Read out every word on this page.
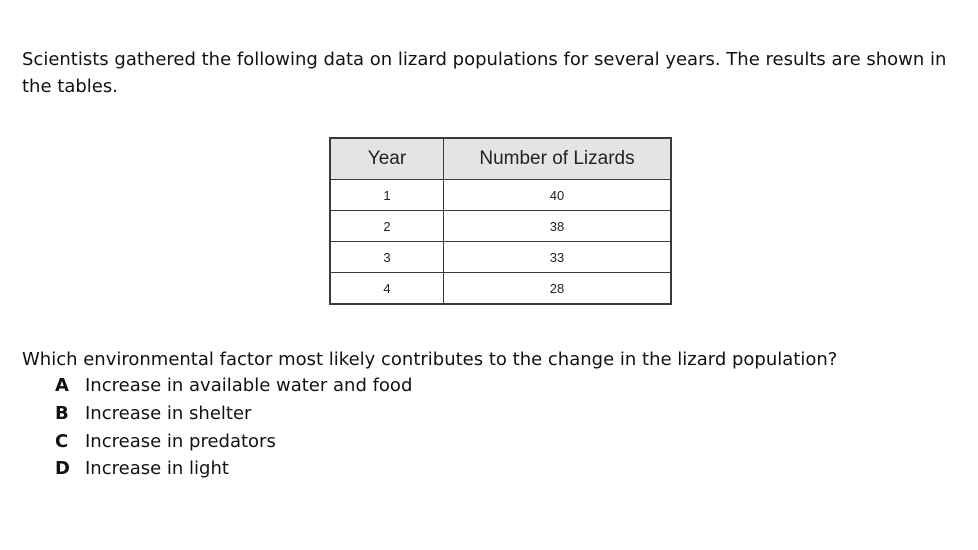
Scientists gathered the following data on lizard populations for several years. The results are shown in the tables.

Year	Number of Lizards
1	40
2	38
3	33
4	28

Which environmental factor most likely contributes to the change in the lizard population?

A Increase in available water and food
B Increase in shelter
C Increase in predators
D Increase in light
